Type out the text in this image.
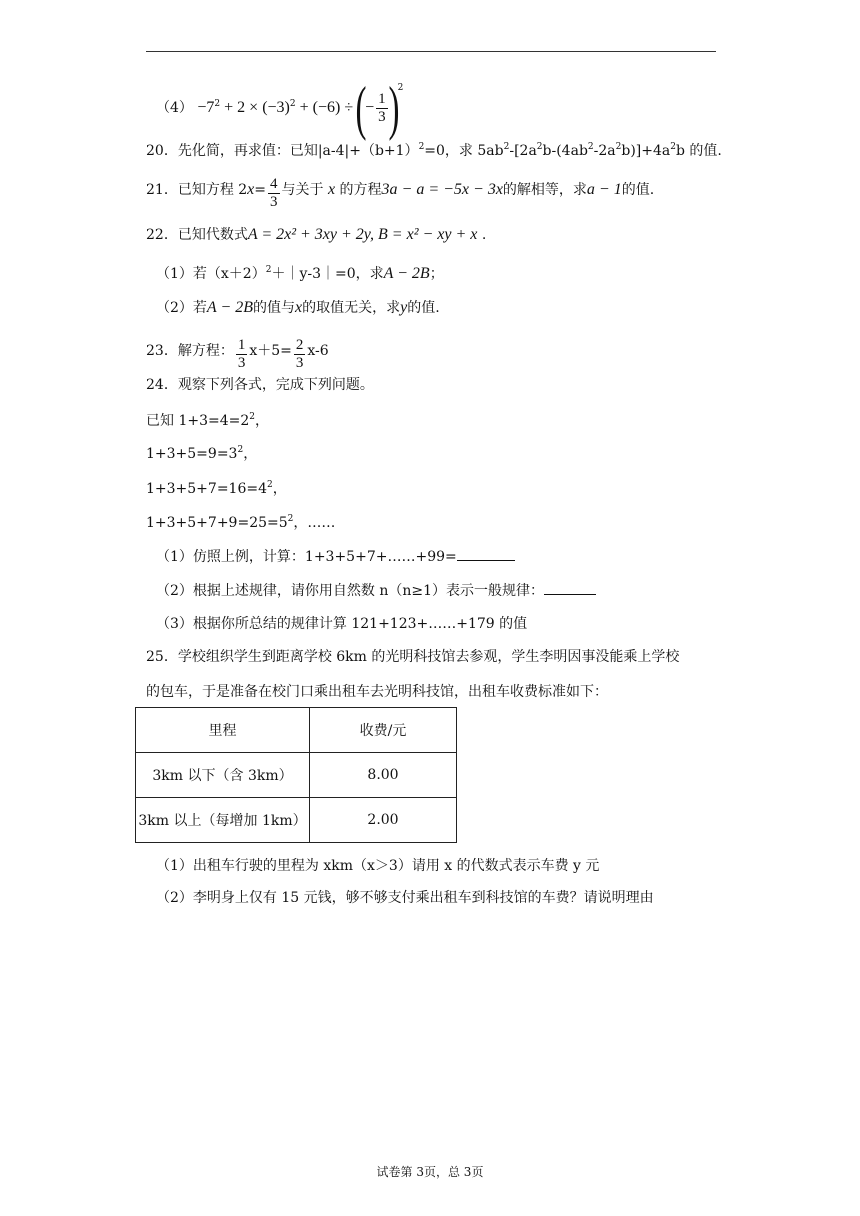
$(4) -7^2 + 2 \times (-3)^2 + (-6)$ ÷ (− $\frac{1}{3} )^2$
20．先化简，再求值：已知$|a-4|+(b+1)^2=0$，求 $5ab^2-[2a^2b-(4ab^2-2a^2b)]+4a^2b$ 的值.
21．已知方程 $2x= \frac{4}{3}$ 与关于 x 的方程3a − a = −5x − 3x的解相等，求a − 1的值.
22．已知代数式A = 2x² + 3xy + 2y, B = x² − xy + x .
（1）若$(x+2)^2+|y-3|=0$，求A − 2B；
（2）若A − 2B的值与x的取值无关，求y的值.
23．解方程： $\frac{1}{3} x+5= \frac{2}{3} x-6$
24．观察下列各式，完成下列问题。
已知 $1+3=4=2^2$，
$1+3+5=9=3^2$，
$1+3+5+7=16=4^2$，
$1+3+5+7+9=25=5^2$，……
（1）仿照上例，计算：1+3+5+7+……+99=
（2）根据上述规律，请你用自然数 n（n≥1）表示一般规律：
（3）根据你所总结的规律计算 121+123+……+179 的值
25．学校组织学生到距离学校 6km 的光明科技馆去参观，学生李明因事没能乘上学校
的包车，于是准备在校门口乘出租车去光明科技馆，出租车收费标准如下：
里程	收费/元
3km 以下（含 3km）	8.00
3km 以上（每增加 1km）	2.00
（1）出租车行驶的里程为 xkm（x＞3）请用 x 的代数式表示车费 y 元
（2）李明身上仅有 15 元钱，够不够支付乘出租车到科技馆的车费？请说明理由
试卷第 3页，总 3页
